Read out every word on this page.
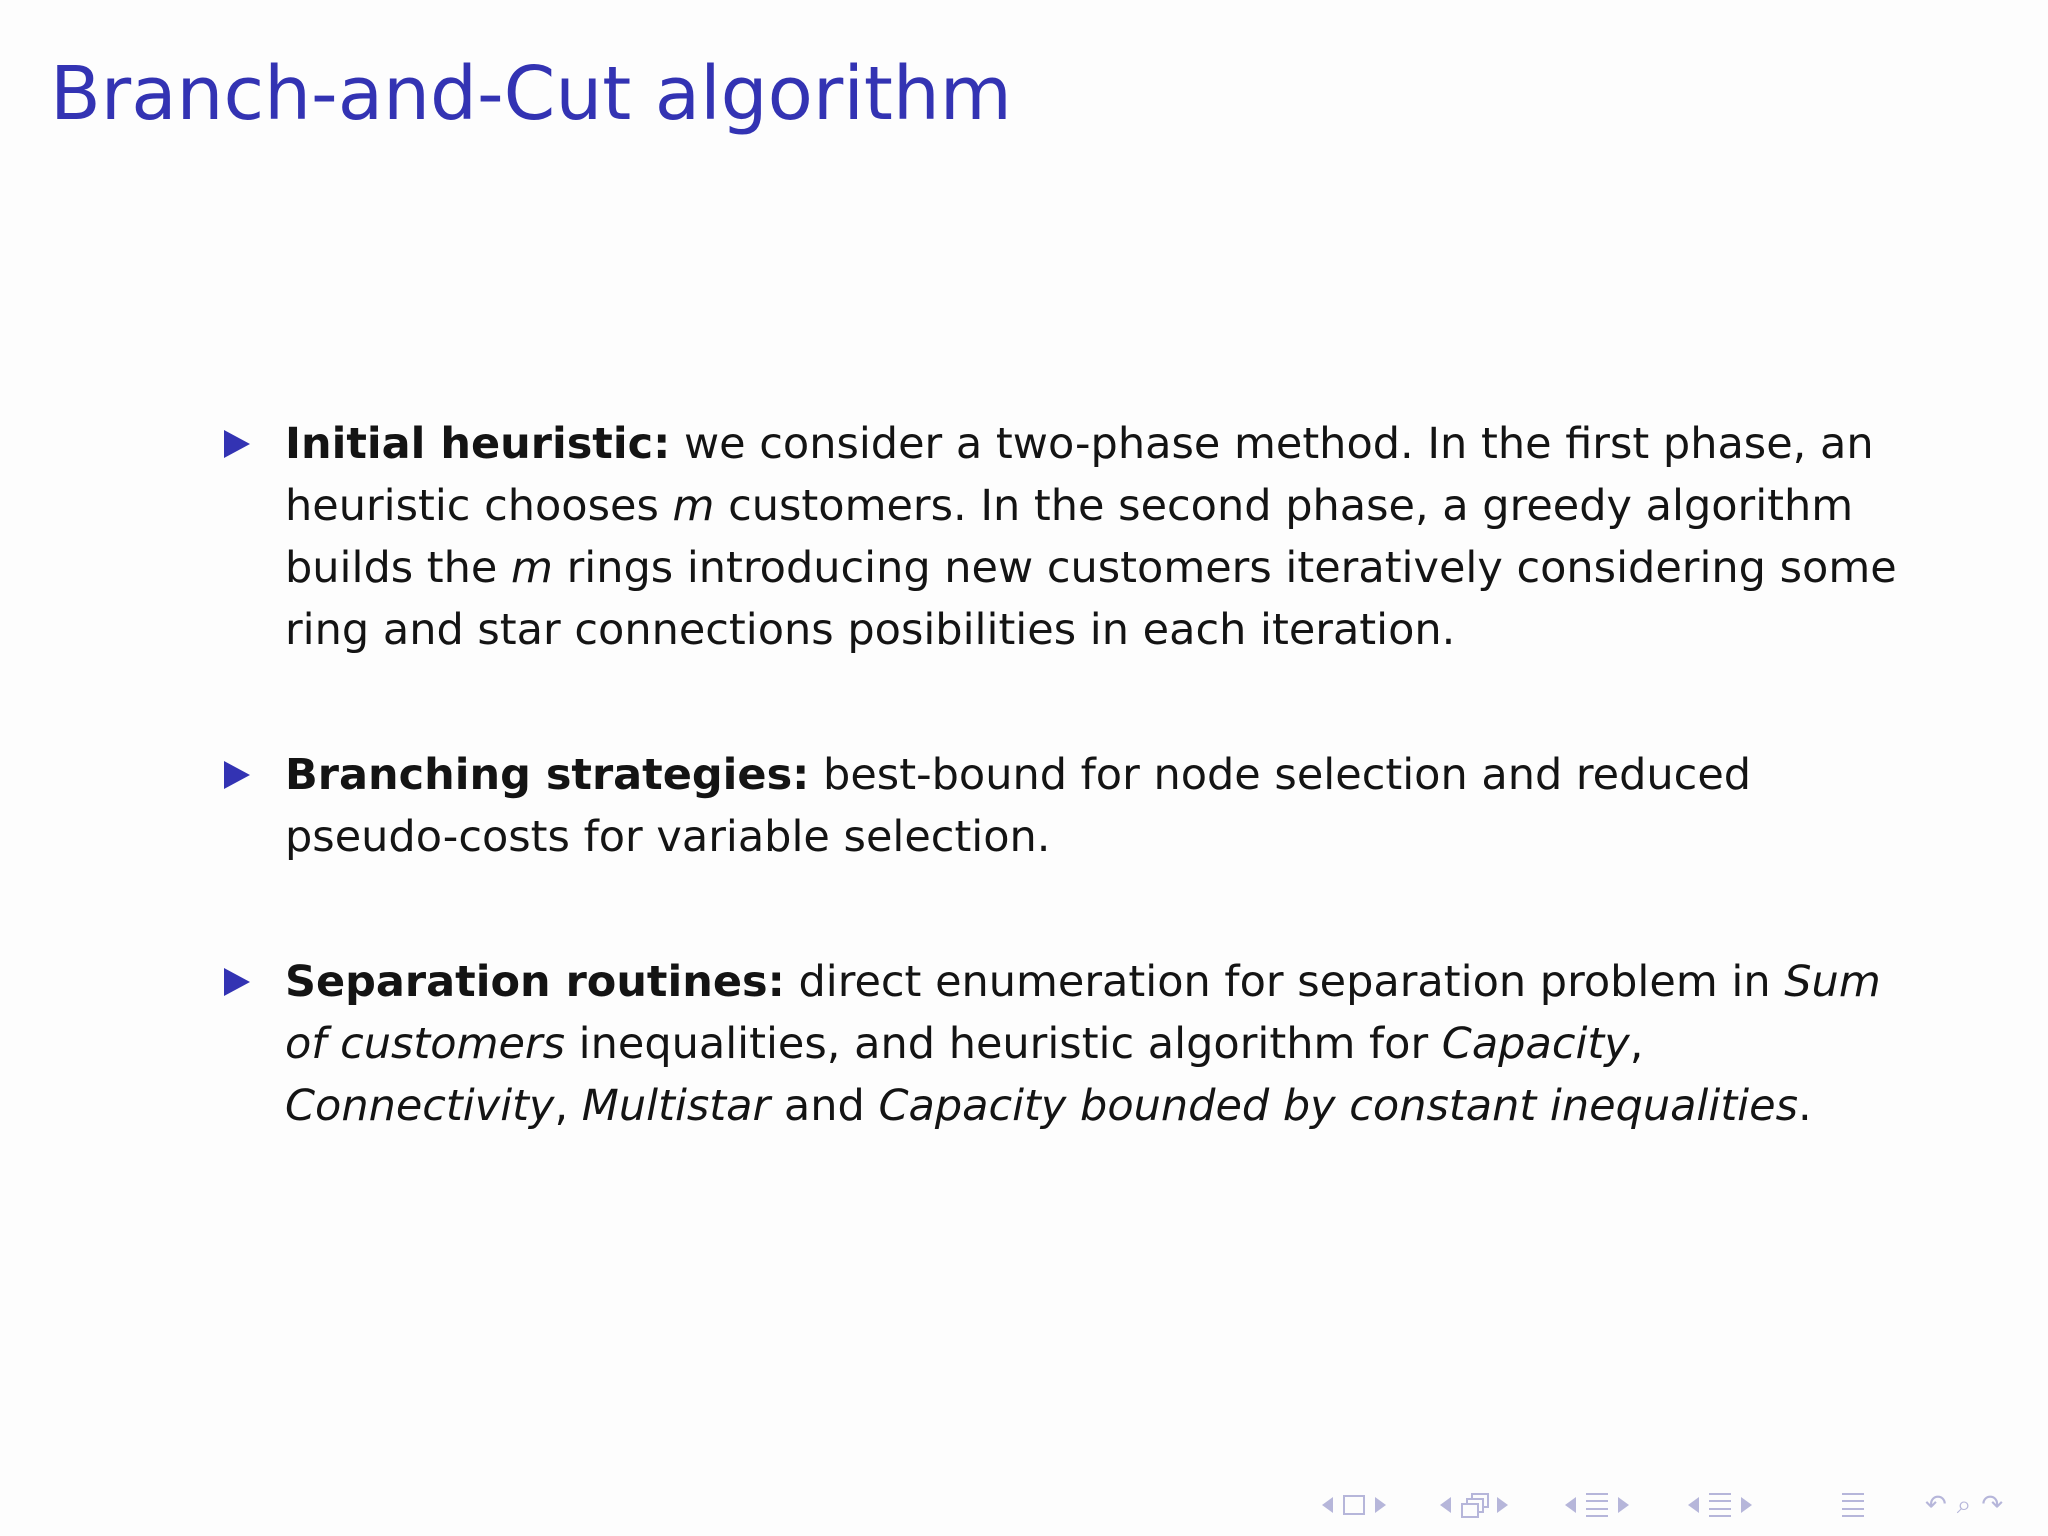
Branch-and-Cut algorithm
Initial heuristic: we consider a two-phase method. In the first phase, an
heuristic chooses m customers. In the second phase, a greedy algorithm
builds the m rings introducing new customers iteratively considering some
ring and star connections posibilities in each iteration.
Branching strategies: best-bound for node selection and reduced
pseudo-costs for variable selection.
Separation routines: direct enumeration for separation problem in Sum
of customers inequalities, and heuristic algorithm for Capacity,
Connectivity, Multistar and Capacity bounded by constant inequalities.
↶ ⌕ ↷
